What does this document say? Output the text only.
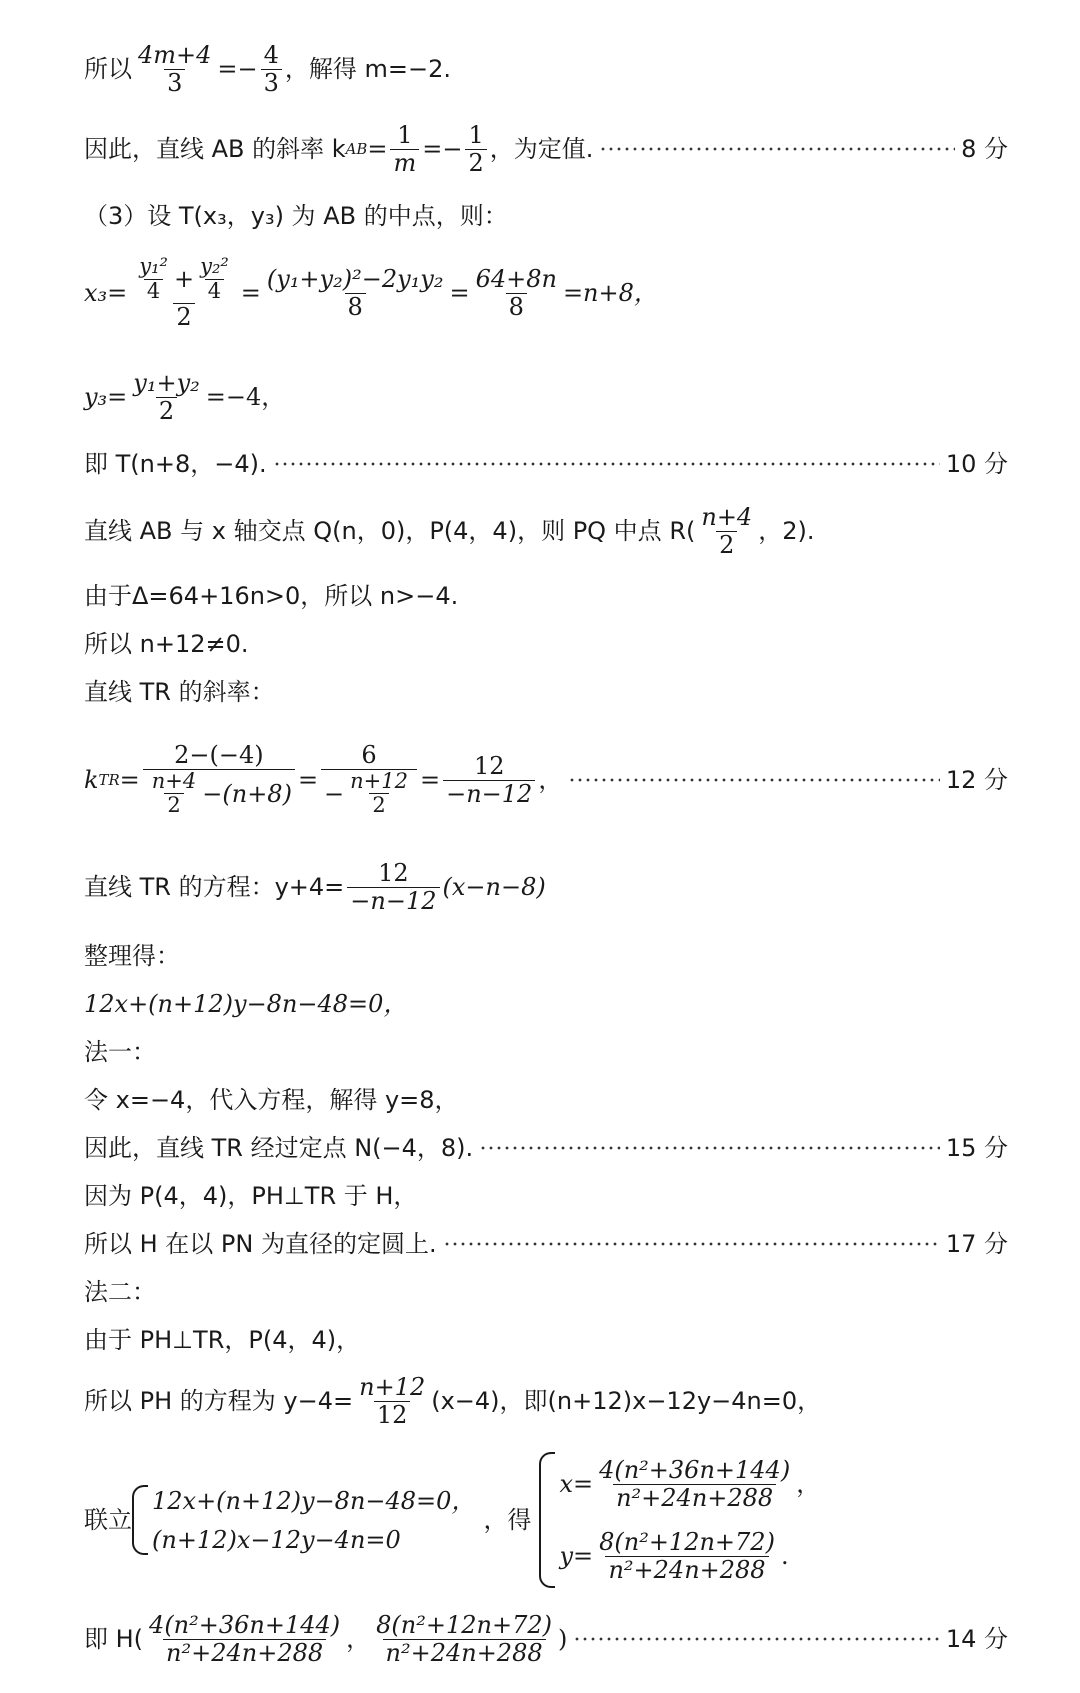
所以 $\frac{4m+4}{3} =- \frac{4}{3}$ ，解得 m=−2.
因此，直线 AB 的斜率 k AB = $\frac{1}{m} =- \frac{1}{2}$ ，为定值.	8 分
（3）设 T(x₃，y₃) 为 AB 的中点，则：
$x_3= \frac{\frac{\text{y₁²}}{4} + \frac{\text{y₂²}}{4}}{2} = \frac{\text{(y₁+y₂)²−2y₁y₂}}{8} = \frac{64+8n}{8} =n+8$，
$y_3= \frac{\text{y₁+y₂}}{2} =-4$，
即 T(n+8，−4).	10 分
直线 AB 与 x 轴交点 Q(n，0)，P(4，4)，则 PQ 中点 $R( \frac{n+4}{2}$ ，2).
由于Δ=64+16n>0，所以 n>−4.
所以 n+12≠0.
直线 TR 的斜率：
k TR = $\frac{2-(-4)}{\frac{n+4}{2} -(n+8)} = \frac{6}{- \frac{n+12}{2}} = \frac{12}{-n-12}$ ，	12 分
直线 TR 的方程：$y+4= \frac{12}{-n-12} (x-n-8)$
整理得：
12x+(n+12)y−8n−48=0，
法一：
令 x=−4，代入方程，解得 y=8，
因此，直线 TR 经过定点 N(−4，8).	15 分
因为 P(4，4)，PH⊥TR 于 H，
所以 H 在以 PN 为直径的定圆上.	17 分
法二：
由于 PH⊥TR，P(4，4)，
所以 PH 的方程为 $y-4= \frac{n+12}{12} (x-4)$，即(n+12)x−12y−4n=0，
联立
12x+(n+12)y−8n−48=0，
(n+12)x−12y−4n=0
，得
$x= \frac{\text{4(n²+36n+144)}}{\text{n²+24n+288}}$ ，
$y= \frac{\text{8(n²+12n+72)}}{\text{n²+24n+288}}$ .
即 $H( \frac{\text{4(n²+36n+144)}}{\text{n²+24n+288}}$ ， $\frac{\text{8(n²+12n+72)}}{\text{n²+24n+288}}$ )	14 分
